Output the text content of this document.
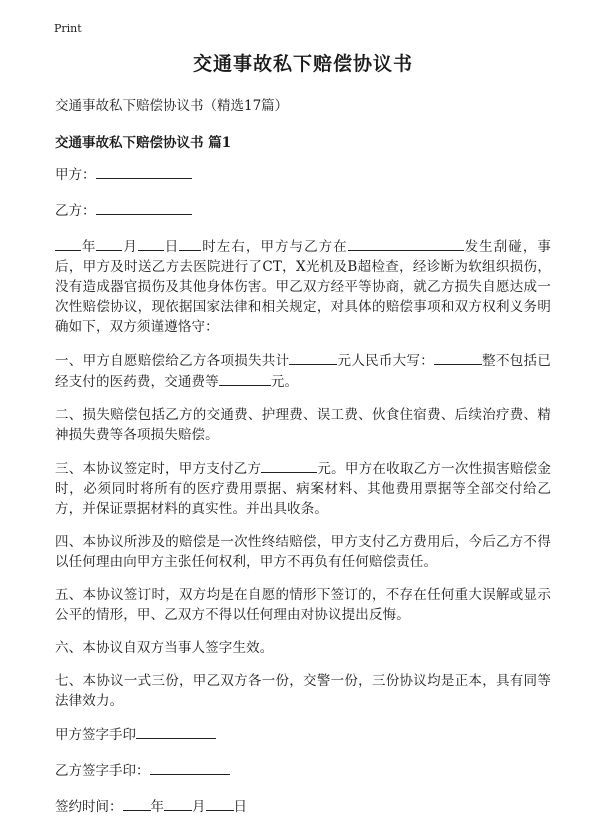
Print
交通事故私下赔偿协议书
交通事故私下赔偿协议书（精选17篇）
交通事故私下赔偿协议书 篇1
甲方：
乙方：

年 月 日 时左右，甲方与乙方在	发生刮碰，事后，甲方及时送乙方去医院进行了CT，X光机及B超检查，经诊断为软组织损伤，没有造成器官损伤及其他身体伤害。甲乙双方经平等协商，就乙方损失自愿达成一次性赔偿协议，现依据国家法律和相关规定，对具体的赔偿事项和双方权利义务明确如下，双方须谨遵恪守：

一、甲方自愿赔偿给乙方各项损失共计	元人民币大写：	整不包括已经支付的医药费，交通费等	元。

二、损失赔偿包括乙方的交通费、护理费、误工费、伙食住宿费、后续治疗费、精神损失费等各项损失赔偿。

三、本协议签定时，甲方支付乙方	元。甲方在收取乙方一次性损害赔偿金时，必须同时将所有的医疗费用票据、病案材料、其他费用票据等全部交付给乙方，并保证票据材料的真实性。并出具收条。

四、本协议所涉及的赔偿是一次性终结赔偿，甲方支付乙方费用后，今后乙方不得以任何理由向甲方主张任何权利，甲方不再负有任何赔偿责任。

五、本协议签订时，双方均是在自愿的情形下签订的，不存在任何重大误解或显示公平的情形，甲、乙双方不得以任何理由对协议提出反悔。

六、本协议自双方当事人签字生效。

七、本协议一式三份，甲乙双方各一份，交警一份，三份协议均是正本，具有同等法律效力。

甲方签字手印
乙方签字手印：
签约时间： 年 月 日
